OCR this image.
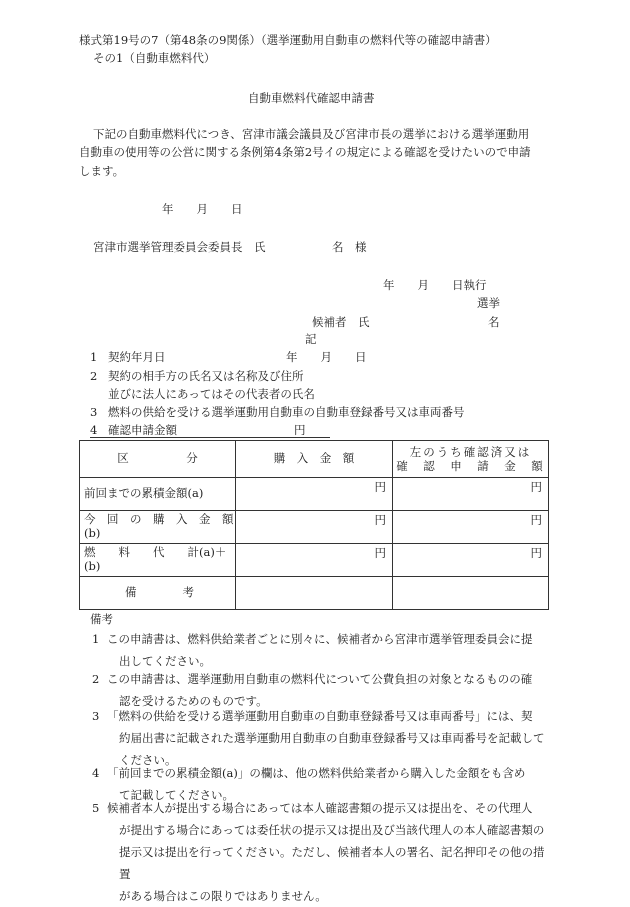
様式第19号の7（第48条の9関係）（選挙運動用自動車の燃料代等の確認申請書）
その1（自動車燃料代）
自動車燃料代確認申請書
下記の自動車燃料代につき、宮津市議会議員及び宮津市長の選挙における選挙運動用
自動車の使用等の公営に関する条例第4条第2号イの規定による確認を受けたいので申請
します。
年　　月　　日
宮津市選挙管理委員会委員長　氏	名　様
年　　月　　日執行
選挙
候補者　氏	名
記
1 契約年月日	年　　月　　日
2 契約の相手方の氏名又は名称及び住所
並びに法人にあってはその代表者の氏名
3 燃料の供給を受ける選挙運動用自動車の自動車登録番号又は車両番号
4 確認申請金額	円
区　　　　　分	購　入　金　額	左のうち確認済又は
確　認　申　請　金　額

前回までの累積金額(a)	円	円
今　回　の　購　入　金　額(b)	円	円
燃　　料　　代　　計(a)＋(b)	円	円
備　　　　考		
備考
1 この申請書は、燃料供給業者ごとに別々に、候補者から宮津市選挙管理委員会に提
出してください。
2 この申請書は、選挙運動用自動車の燃料代について公費負担の対象となるものの確
認を受けるためのものです。
3 「燃料の供給を受ける選挙運動用自動車の自動車登録番号又は車両番号」には、契
約届出書に記載された選挙運動用自動車の自動車登録番号又は車両番号を記載して
ください。
4 「前回までの累積金額(a)」の欄は、他の燃料供給業者から購入した金額をも含め
て記載してください。
5 候補者本人が提出する場合にあっては本人確認書類の提示又は提出を、その代理人
が提出する場合にあっては委任状の提示又は提出及び当該代理人の本人確認書類の
提示又は提出を行ってください。ただし、候補者本人の署名、記名押印その他の措置
がある場合はこの限りではありません。
